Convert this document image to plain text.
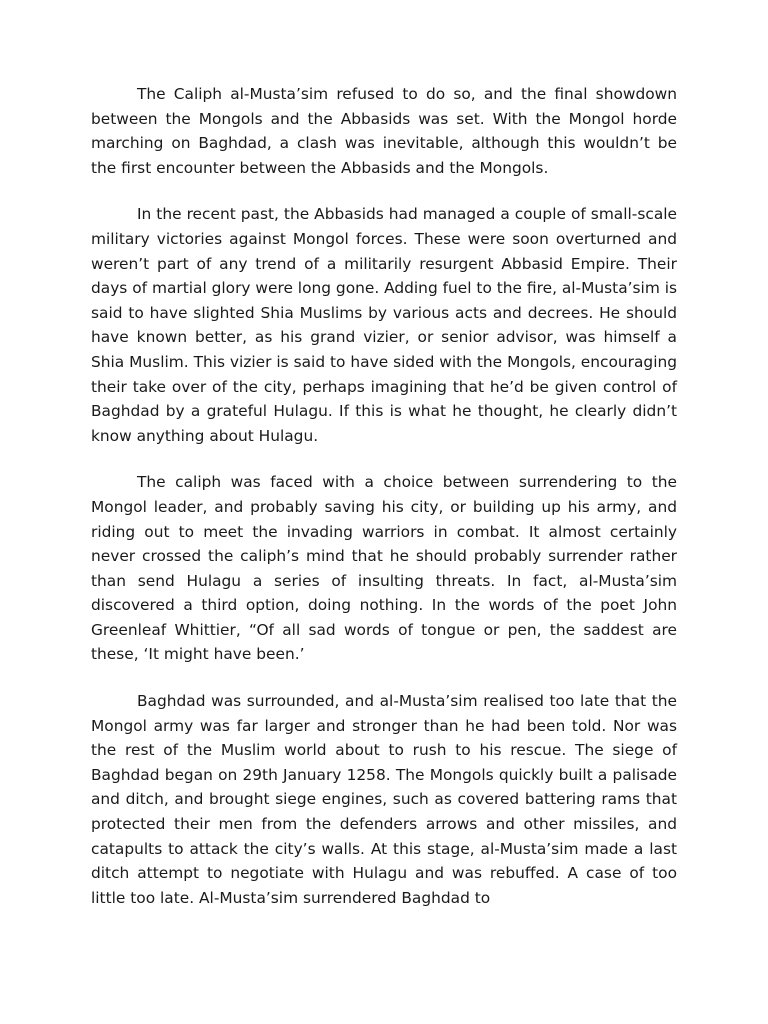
The Caliph al-Musta’sim refused to do so, and the final showdown between the Mongols and the Abbasids was set. With the Mongol horde marching on Baghdad, a clash was inevitable, although this wouldn’t be the first encounter between the Abbasids and the Mongols.

In the recent past, the Abbasids had managed a couple of small-scale military victories against Mongol forces. These were soon overturned and weren’t part of any trend of a militarily resurgent Abbasid Empire. Their days of martial glory were long gone. Adding fuel to the fire, al-Musta’sim is said to have slighted Shia Muslims by various acts and decrees. He should have known better, as his grand vizier, or senior advisor, was himself a Shia Muslim. This vizier is said to have sided with the Mongols, encouraging their take over of the city, perhaps imagining that he’d be given control of Baghdad by a grateful Hulagu. If this is what he thought, he clearly didn’t know anything about Hulagu.

The caliph was faced with a choice between surrendering to the Mongol leader, and probably saving his city, or building up his army, and riding out to meet the invading warriors in combat. It almost certainly never crossed the caliph’s mind that he should probably surrender rather than send Hulagu a series of insulting threats. In fact, al-Musta’sim discovered a third option, doing nothing. In the words of the poet John Greenleaf Whittier, “Of all sad words of tongue or pen, the saddest are these, ‘It might have been.’

Baghdad was surrounded, and al-Musta’sim realised too late that the Mongol army was far larger and stronger than he had been told. Nor was the rest of the Muslim world about to rush to his rescue. The siege of Baghdad began on 29th January 1258. The Mongols quickly built a palisade and ditch, and brought siege engines, such as covered battering rams that protected their men from the defenders arrows and other missiles, and catapults to attack the city’s walls. At this stage, al-Musta’sim made a last ditch attempt to negotiate with Hulagu and was rebuffed. A case of too little too late. Al-Musta’sim surrendered Baghdad to
